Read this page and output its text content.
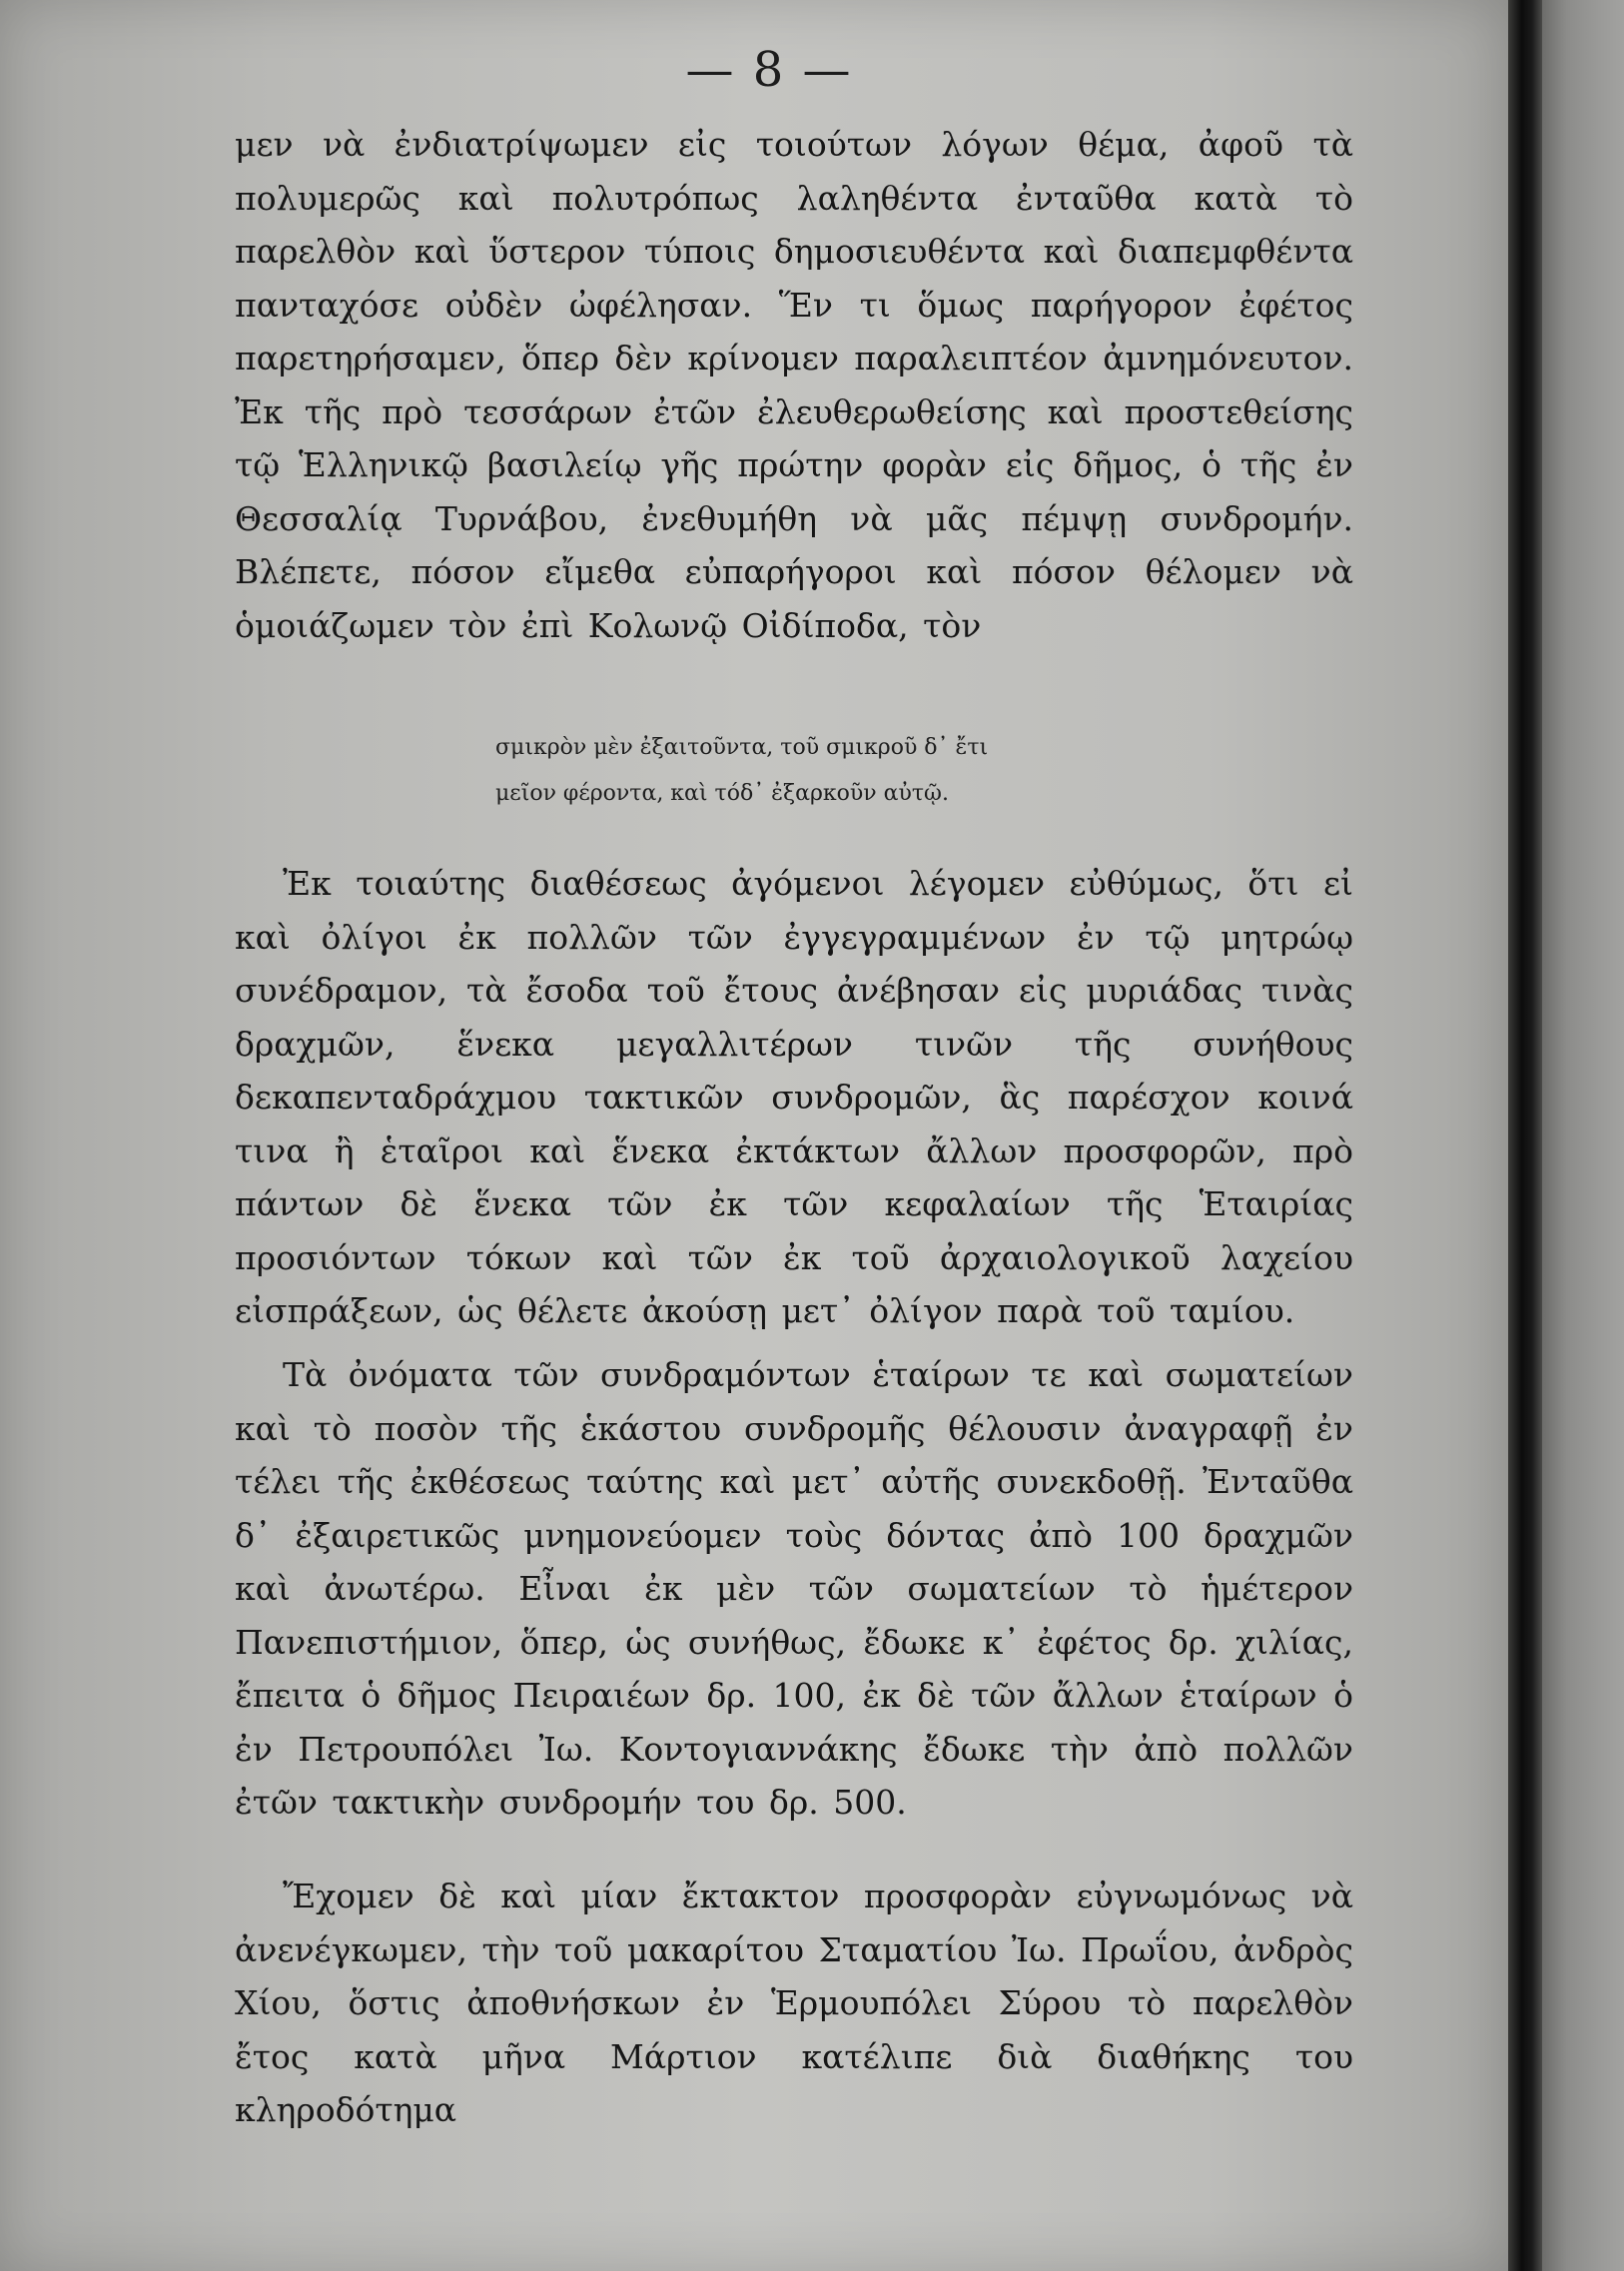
— 8 —

μεν νὰ ἐνδιατρίψωμεν εἰς τοιούτων λόγων θέμα, ἀφοῦ τὰ πολυμερῶς καὶ πολυτρόπως λαληθέντα ἐνταῦθα κατὰ τὸ παρελθὸν καὶ ὕστερον τύποις δημοσιευθέντα καὶ διαπεμφθέντα πανταχόσε οὐδὲν ὠφέλησαν. Ἕν τι ὅμως παρήγορον ἐφέτος παρετηρήσαμεν, ὅπερ δὲν κρίνομεν παραλειπτέον ἀμνημόνευτον. Ἐκ τῆς πρὸ τεσσάρων ἐτῶν ἐλευθερωθείσης καὶ προστεθείσης τῷ Ἑλληνικῷ βασιλείῳ γῆς πρώτην φορὰν εἰς δῆμος, ὁ τῆς ἐν Θεσσαλίᾳ Τυρνάβου, ἐνεθυμήθη νὰ μᾶς πέμψῃ συνδρομήν. Βλέπετε, πόσον εἴμεθα εὐπαρήγοροι καὶ πόσον θέλομεν νὰ ὁμοιάζωμεν τὸν ἐπὶ Κολωνῷ Οἰδίποδα, τὸν

σμικρὸν μὲν ἐξαιτοῦντα, τοῦ σμικροῦ δ᾽ ἔτι
μεῖον φέροντα, καὶ τόδ᾽ ἐξαρκοῦν αὐτῷ.

Ἐκ τοιαύτης διαθέσεως ἀγόμενοι λέγομεν εὐθύμως, ὅτι εἰ καὶ ὀλίγοι ἐκ πολλῶν τῶν ἐγγεγραμμένων ἐν τῷ μητρώῳ συνέδραμον, τὰ ἔσοδα τοῦ ἔτους ἀνέβησαν εἰς μυριάδας τινὰς δραχμῶν, ἕνεκα μεγαλλιτέρων τινῶν τῆς συνήθους δεκαπενταδράχμου τακτικῶν συνδρομῶν, ἃς παρέσχον κοινά τινα ἢ ἑταῖροι καὶ ἕνεκα ἐκτάκτων ἄλλων προσφορῶν, πρὸ πάντων δὲ ἕνεκα τῶν ἐκ τῶν κεφαλαίων τῆς Ἑταιρίας προσιόντων τόκων καὶ τῶν ἐκ τοῦ ἀρχαιολογικοῦ λαχείου εἰσπράξεων, ὡς θέλετε ἀκούσῃ μετ᾽ ὀλίγον παρὰ τοῦ ταμίου.

Τὰ ὀνόματα τῶν συνδραμόντων ἑταίρων τε καὶ σωματείων καὶ τὸ ποσὸν τῆς ἑκάστου συνδρομῆς θέλουσιν ἀναγραφῇ ἐν τέλει τῆς ἐκθέσεως ταύτης καὶ μετ᾽ αὐτῆς συνεκδοθῇ. Ἐνταῦθα δ᾽ ἐξαιρετικῶς μνημονεύομεν τοὺς δόντας ἀπὸ 100 δραχμῶν καὶ ἀνωτέρω. Εἶναι ἐκ μὲν τῶν σωματείων τὸ ἡμέτερον Πανεπιστήμιον, ὅπερ, ὡς συνήθως, ἔδωκε κ᾽ ἐφέτος δρ. χιλίας, ἔπειτα ὁ δῆμος Πειραιέων δρ. 100, ἐκ δὲ τῶν ἄλλων ἑταίρων ὁ ἐν Πετρουπόλει Ἰω. Κοντογιαννάκης ἔδωκε τὴν ἀπὸ πολλῶν ἐτῶν τακτικὴν συνδρομήν του δρ. 500.

Ἔχομεν δὲ καὶ μίαν ἔκτακτον προσφορὰν εὐγνωμόνως νὰ ἀνενέγκωμεν, τὴν τοῦ μακαρίτου Σταματίου Ἰω. Πρωΐου, ἀνδρὸς Χίου, ὅστις ἀποθνήσκων ἐν Ἑρμουπόλει Σύρου τὸ παρελθὸν ἔτος κατὰ μῆνα Μάρτιον κατέλιπε διὰ διαθήκης του κληροδότημα
